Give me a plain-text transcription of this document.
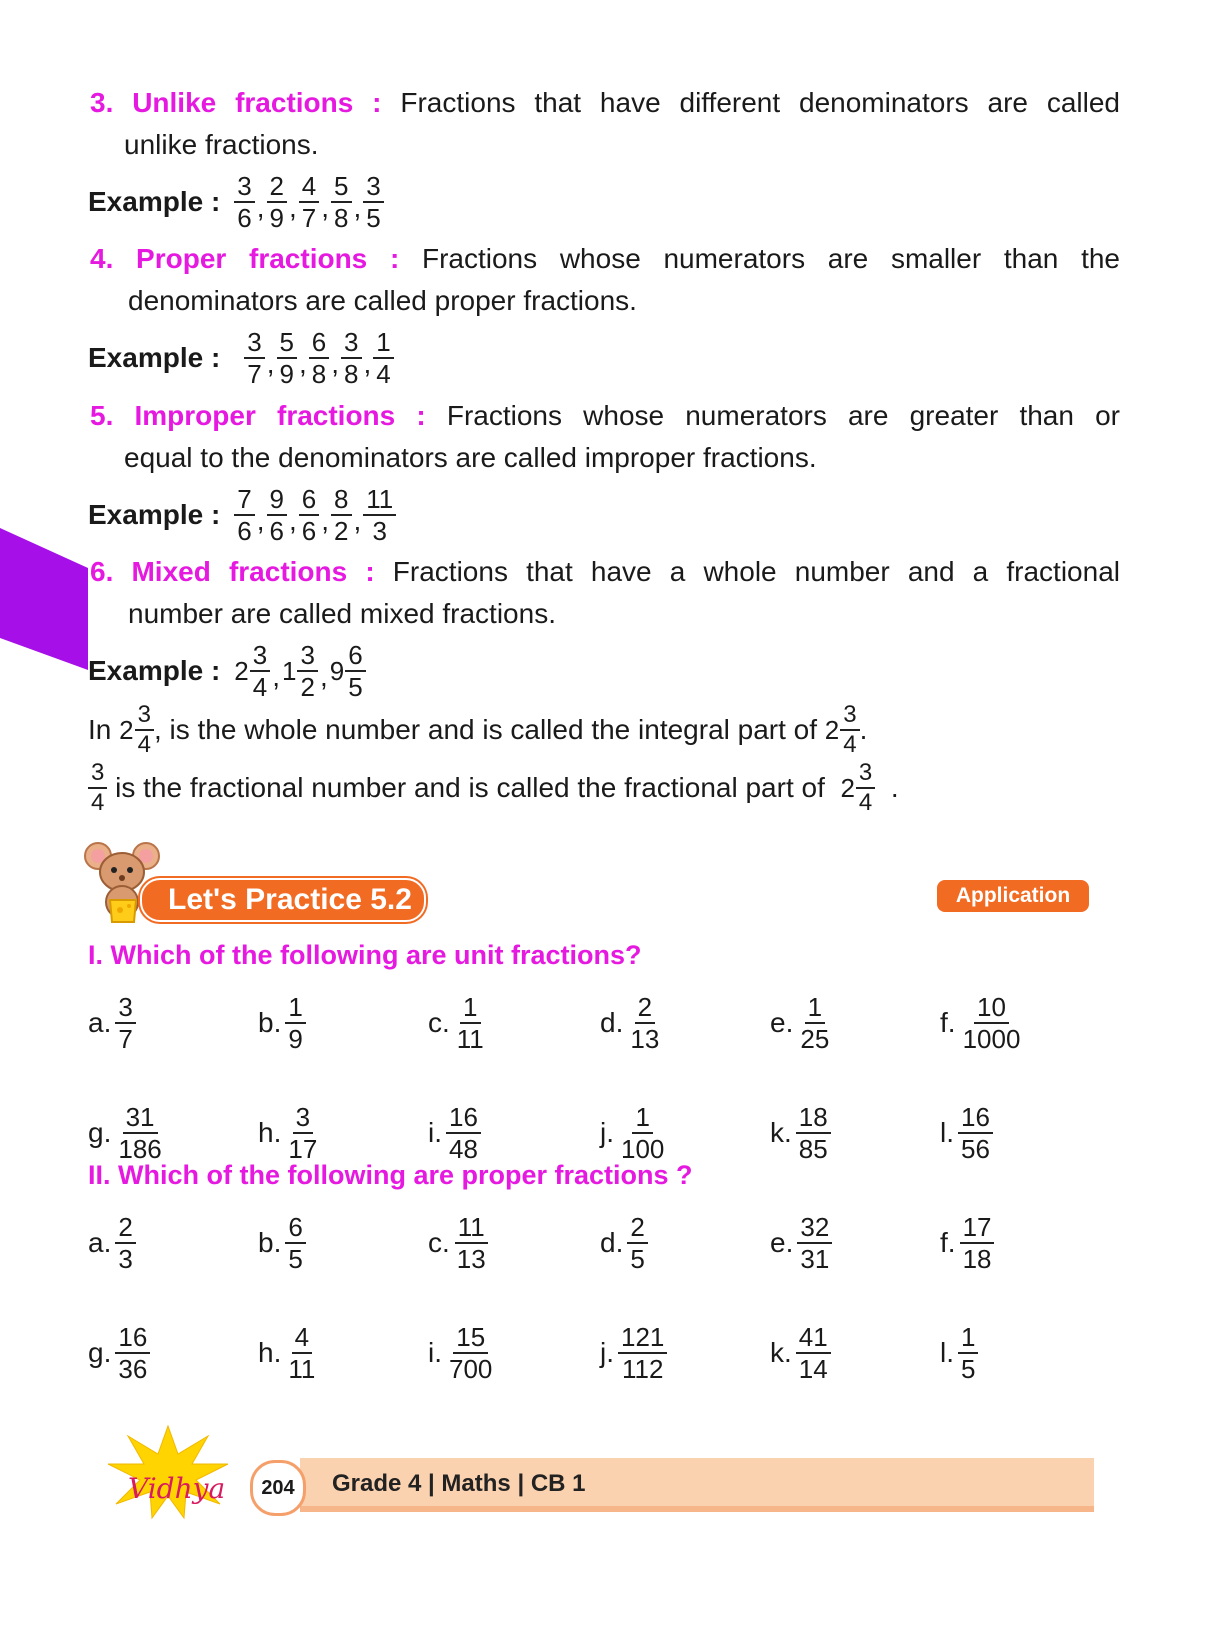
3. Unlike fractions : Fractions that have different denominators are called
unlike fractions.
Example : $\frac{3}{6}$ , $\frac{2}{9}$ , $\frac{4}{7}$ , $\frac{5}{8}$ , $\frac{3}{5}$
4. Proper fractions : Fractions whose numerators are smaller than the
denominators are called proper fractions.
Example : $\frac{3}{7}$ , $\frac{5}{9}$ , $\frac{6}{8}$ , $\frac{3}{8}$ , $\frac{1}{4}$
5. Improper fractions : Fractions whose numerators are greater than or
equal to the denominators are called improper fractions.
Example : $\frac{7}{6}$ , $\frac{9}{6}$ , $\frac{6}{6}$ , $\frac{8}{2}$ , $\frac{11}{3}$
6. Mixed fractions : Fractions that have a whole number and a fractional
number are called mixed fractions.
Example : $2 \frac{3}{4}$ , $1 \frac{3}{2}$ , $9 \frac{6}{5}$
In
$2 \frac{3}{4}$ , is the whole number and is called the integral part of
$2 \frac{3}{4}$ .
$\frac{3}{4}$
is the fractional number and is called the fractional part of
$2 \frac{3}{4}$
.
Let's Practice 5.2	Application
I. Which of the following are unit fractions?
a. $\frac{3}{7}$	b. $\frac{1}{9}$	c. $\frac{1}{11}$	d. $\frac{2}{13}$	e. $\frac{1}{25}$	f. $\frac{10}{1000}$
g. $\frac{31}{186}$	h. $\frac{3}{17}$	i. $\frac{16}{48}$	j. $\frac{1}{100}$	k. $\frac{18}{85}$	l. $\frac{16}{56}$
II. Which of the following are proper fractions ?
a. $\frac{2}{3}$	b. $\frac{6}{5}$	c. $\frac{11}{13}$	d. $\frac{2}{5}$	e. $\frac{32}{31}$	f. $\frac{17}{18}$
g. $\frac{16}{36}$	h. $\frac{4}{11}$	i. $\frac{15}{700}$	j. $\frac{121}{112}$	k. $\frac{41}{14}$	l. $\frac{1}{5}$
Vidhya	204	Grade 4 | Maths | CB 1
